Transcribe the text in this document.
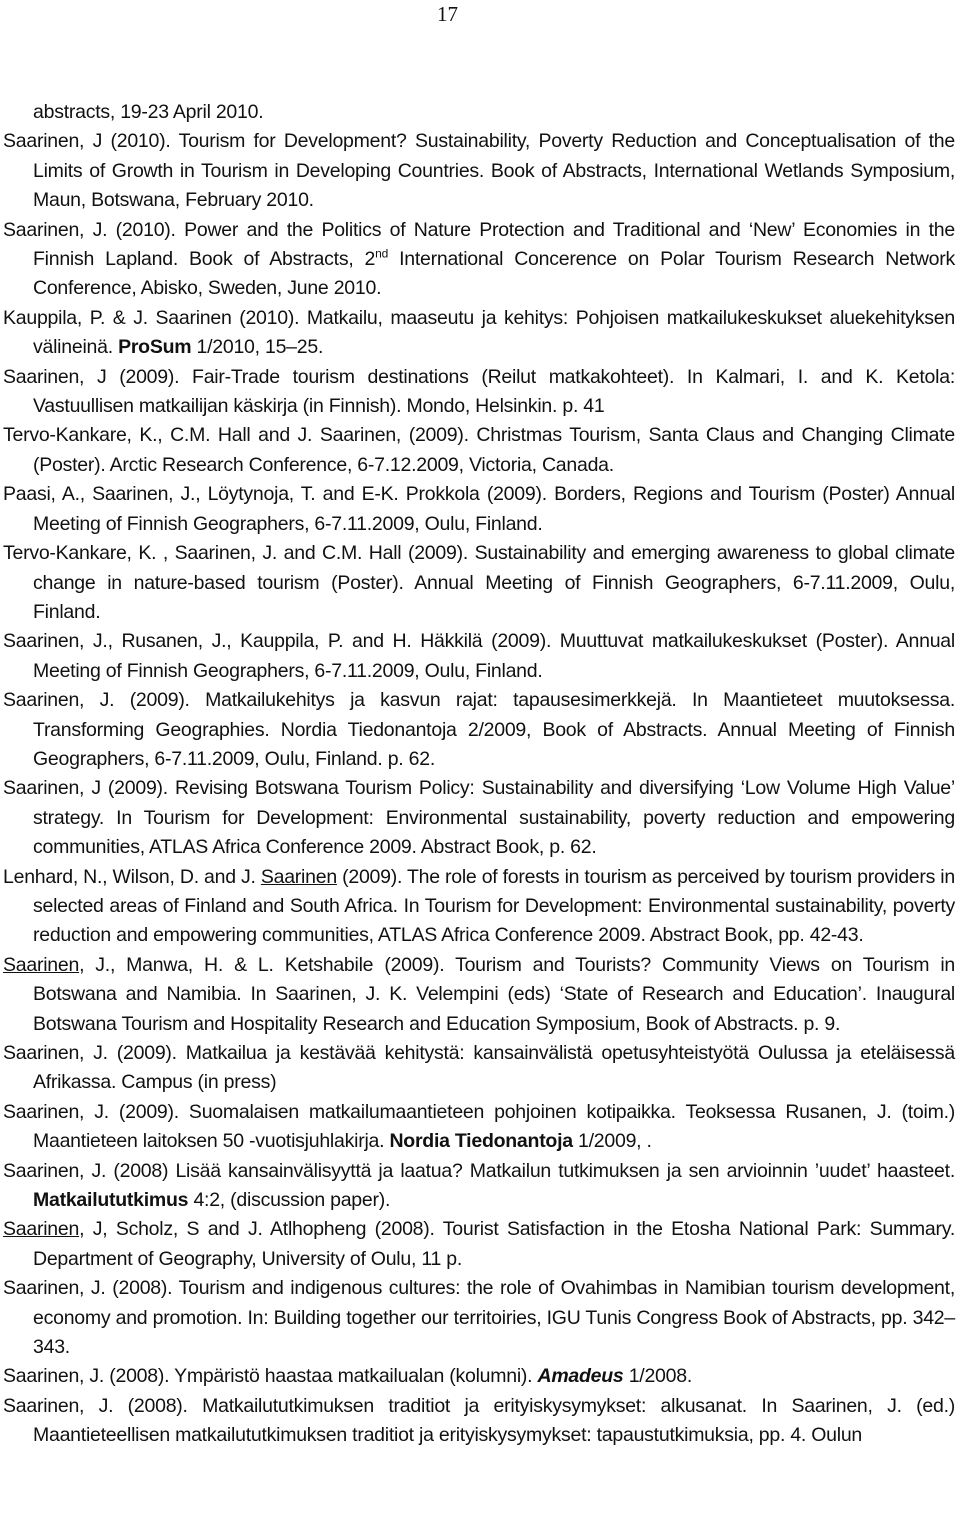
17
abstracts, 19-23 April 2010.
Saarinen, J (2010). Tourism for Development? Sustainability, Poverty Reduction and Conceptualisation of the Limits of Growth in Tourism in Developing Countries. Book of Abstracts, International Wetlands Symposium, Maun, Botswana, February 2010.
Saarinen, J. (2010). Power and the Politics of Nature Protection and Traditional and ‘New’ Economies in the Finnish Lapland. Book of Abstracts, 2nd International Concerence on Polar Tourism Research Network Conference, Abisko, Sweden, June 2010.
Kauppila, P. & J. Saarinen (2010). Matkailu, maaseutu ja kehitys: Pohjoisen matkailukeskukset aluekehityksen välineinä. ProSum 1/2010, 15–25.
Saarinen, J (2009). Fair-Trade tourism destinations (Reilut matkakohteet). In Kalmari, I. and K. Ketola: Vastuullisen matkailijan käskirja (in Finnish). Mondo, Helsinkin. p. 41
Tervo-Kankare, K., C.M. Hall and J. Saarinen, (2009). Christmas Tourism, Santa Claus and Changing Climate (Poster). Arctic Research Conference, 6-7.12.2009, Victoria, Canada.
Paasi, A., Saarinen, J., Löytynoja, T. and E-K. Prokkola (2009). Borders, Regions and Tourism (Poster) Annual Meeting of Finnish Geographers, 6-7.11.2009, Oulu, Finland.
Tervo-Kankare, K. , Saarinen, J. and C.M. Hall (2009). Sustainability and emerging awareness to global climate change in nature-based tourism (Poster). Annual Meeting of Finnish Geographers, 6-7.11.2009, Oulu, Finland.
Saarinen, J., Rusanen, J., Kauppila, P. and H. Häkkilä (2009). Muuttuvat matkailukeskukset (Poster). Annual Meeting of Finnish Geographers, 6-7.11.2009, Oulu, Finland.
Saarinen, J. (2009). Matkailukehitys ja kasvun rajat: tapausesimerkkejä. In Maantieteet muutoksessa. Transforming Geographies. Nordia Tiedonantoja 2/2009, Book of Abstracts. Annual Meeting of Finnish Geographers, 6-7.11.2009, Oulu, Finland. p. 62.
Saarinen, J (2009). Revising Botswana Tourism Policy: Sustainability and diversifying ‘Low Volume High Value’ strategy. In Tourism for Development: Environmental sustainability, poverty reduction and empowering communities, ATLAS Africa Conference 2009. Abstract Book, p. 62.
Lenhard, N., Wilson, D. and J. Saarinen (2009). The role of forests in tourism as perceived by tourism providers in selected areas of Finland and South Africa. In Tourism for Development: Environmental sustainability, poverty reduction and empowering communities, ATLAS Africa Conference 2009. Abstract Book, pp. 42-43.
Saarinen, J., Manwa, H. & L. Ketshabile (2009). Tourism and Tourists? Community Views on Tourism in Botswana and Namibia. In Saarinen, J. K. Velempini (eds) ‘State of Research and Education’. Inaugural Botswana Tourism and Hospitality Research and Education Symposium, Book of Abstracts. p. 9.
Saarinen, J. (2009). Matkailua ja kestävää kehitystä: kansainvälistä opetusyhteistyötä Oulussa ja eteläisessä Afrikassa. Campus (in press)
Saarinen, J. (2009). Suomalaisen matkailumaantieteen pohjoinen kotipaikka. Teoksessa Rusanen, J. (toim.) Maantieteen laitoksen 50 -vuotisjuhlakirja. Nordia Tiedonantoja 1/2009, .
Saarinen, J. (2008) Lisää kansainvälisyyttä ja laatua? Matkailun tutkimuksen ja sen arvioinnin ’uudet’ haasteet. Matkailututkimus 4:2, (discussion paper).
Saarinen, J, Scholz, S and J. Atlhopheng (2008). Tourist Satisfaction in the Etosha National Park: Summary. Department of Geography, University of Oulu, 11 p.
Saarinen, J. (2008). Tourism and indigenous cultures: the role of Ovahimbas in Namibian tourism development, economy and promotion. In: Building together our territoiries, IGU Tunis Congress Book of Abstracts, pp. 342–343.
Saarinen, J. (2008). Ympäristö haastaa matkailualan (kolumni). Amadeus 1/2008.
Saarinen, J. (2008). Matkailututkimuksen traditiot ja erityiskysymykset: alkusanat. In Saarinen, J. (ed.) Maantieteellisen matkailututkimuksen traditiot ja erityiskysymykset: tapaustutkimuksia, pp. 4. Oulun
